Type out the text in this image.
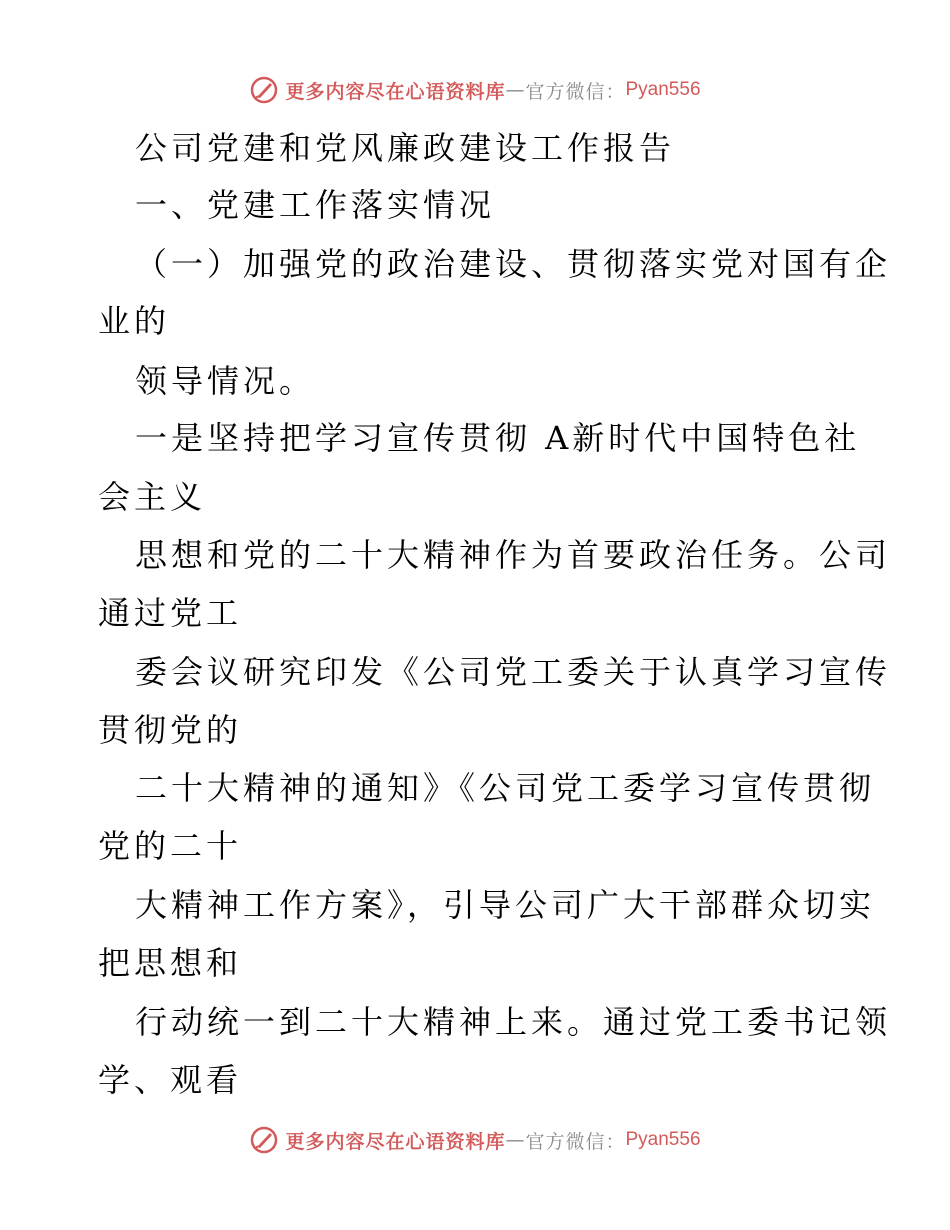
更多内容尽在心语资料库 — 官方微信： Pyan556
公司党建和党风廉政建设工作报告
一、党建工作落实情况
（一）加强党的政治建设、贯彻落实党对国有企
业的
领导情况。
一是坚持把学习宣传贯彻 A新时代中国特色社
会主义
思想和党的二十大精神作为首要政治任务。公司
通过党工
委会议研究印发《公司党工委关于认真学习宣传
贯彻党的
二十大精神的通知》《公司党工委学习宣传贯彻
党的二十
大精神工作方案》，引导公司广大干部群众切实
把思想和
行动统一到二十大精神上来。通过党工委书记领
学、观看
更多内容尽在心语资料库 — 官方微信： Pyan556
